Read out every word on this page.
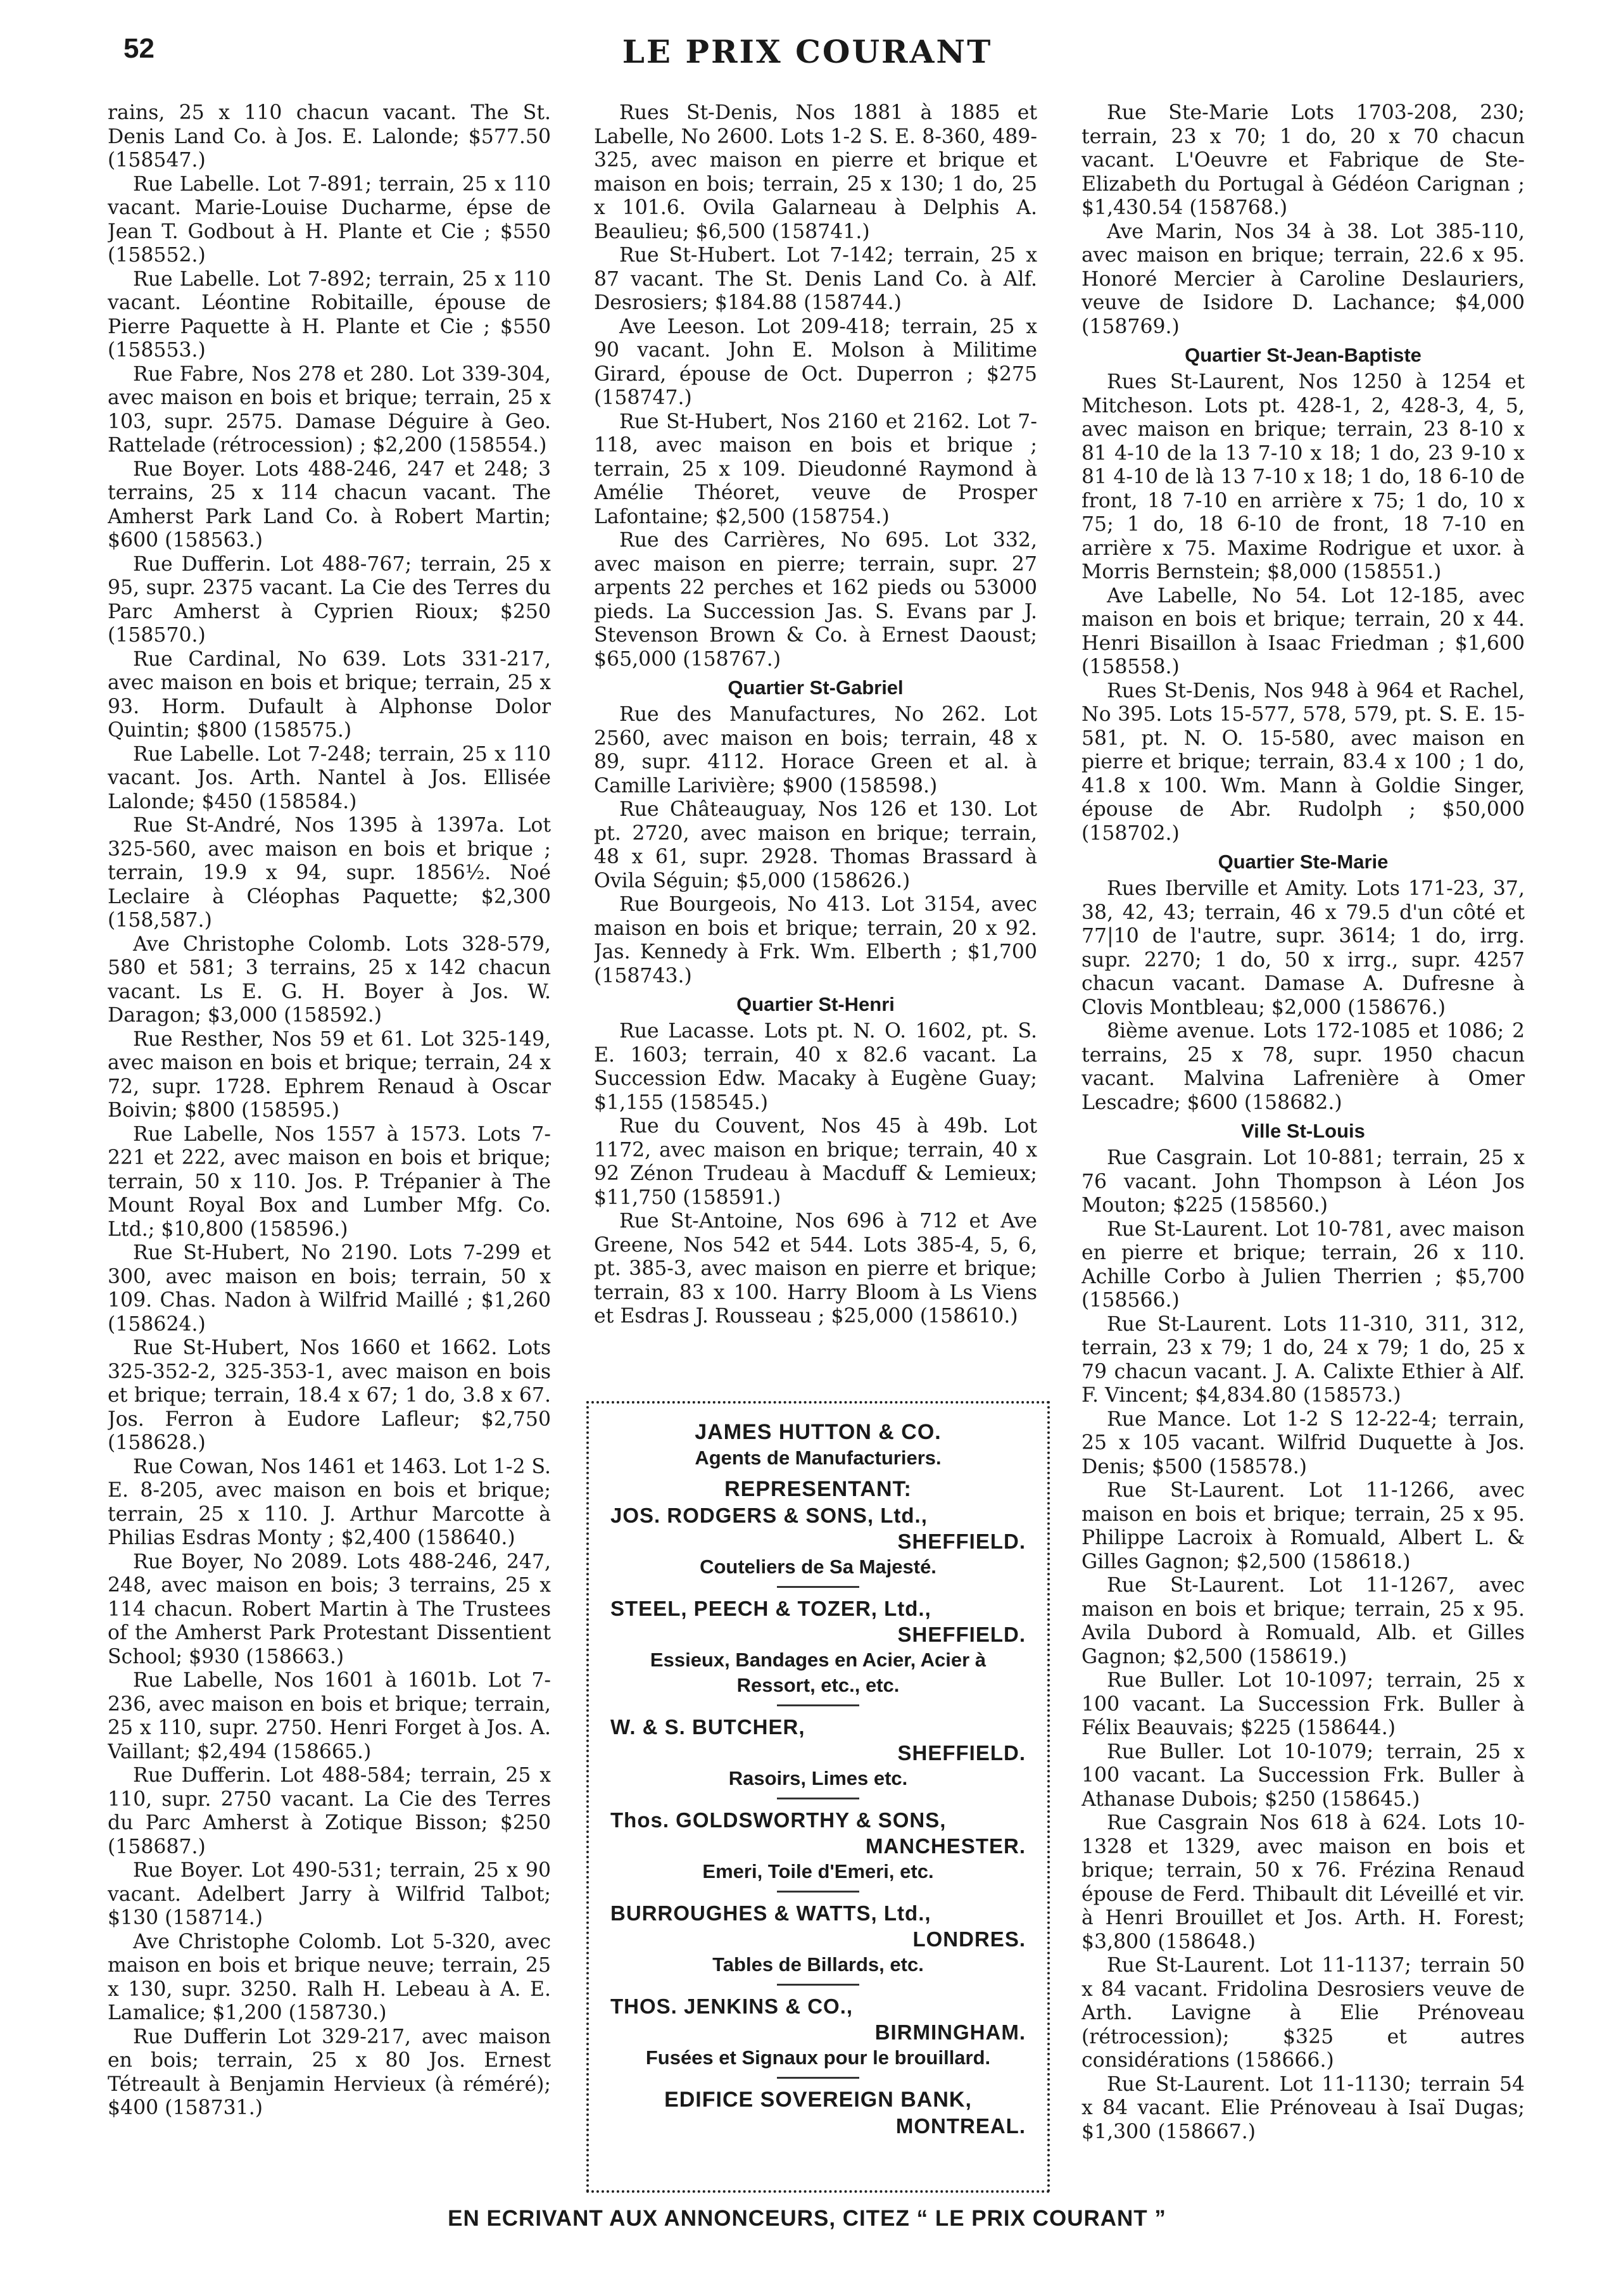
52	LE PRIX COURANT

rains, 25 x 110 chacun vacant. The St. Denis Land Co. à Jos. E. Lalonde; $577.50 (158547.)

Rue Labelle. Lot 7-891; terrain, 25 x 110 vacant. Marie-Louise Ducharme, épse de Jean T. Godbout à H. Plante et Cie ; $550 (158552.)

Rue Labelle. Lot 7-892; terrain, 25 x 110 vacant. Léontine Robitaille, épouse de Pierre Paquette à H. Plante et Cie ; $550 (158553.)

Rue Fabre, Nos 278 et 280. Lot 339-304, avec maison en bois et brique; terrain, 25 x 103, supr. 2575. Damase Déguire à Geo. Rattelade (rétrocession) ; $2,200 (158554.)

Rue Boyer. Lots 488-246, 247 et 248; 3 terrains, 25 x 114 chacun vacant. The Amherst Park Land Co. à Robert Martin; $600 (158563.)

Rue Dufferin. Lot 488-767; terrain, 25 x 95, supr. 2375 vacant. La Cie des Terres du Parc Amherst à Cyprien Rioux; $250 (158570.)

Rue Cardinal, No 639. Lots 331-217, avec maison en bois et brique; terrain, 25 x 93. Horm. Dufault à Alphonse Dolor Quintin; $800 (158575.)

Rue Labelle. Lot 7-248; terrain, 25 x 110 vacant. Jos. Arth. Nantel à Jos. Ellisée Lalonde; $450 (158584.)

Rue St-André, Nos 1395 à 1397a. Lot 325-560, avec maison en bois et brique ; terrain, 19.9 x 94, supr. 1856½. Noé Leclaire à Cléophas Paquette; $2,300 (158,587.)

Ave Christophe Colomb. Lots 328-579, 580 et 581; 3 terrains, 25 x 142 chacun vacant. Ls E. G. H. Boyer à Jos. W. Daragon; $3,000 (158592.)

Rue Resther, Nos 59 et 61. Lot 325-149, avec maison en bois et brique; terrain, 24 x 72, supr. 1728. Ephrem Renaud à Oscar Boivin; $800 (158595.)

Rue Labelle, Nos 1557 à 1573. Lots 7-221 et 222, avec maison en bois et brique; terrain, 50 x 110. Jos. P. Trépanier à The Mount Royal Box and Lumber Mfg. Co. Ltd.; $10,800 (158596.)

Rue St-Hubert, No 2190. Lots 7-299 et 300, avec maison en bois; terrain, 50 x 109. Chas. Nadon à Wilfrid Maillé ; $1,260 (158624.)

Rue St-Hubert, Nos 1660 et 1662. Lots 325-352-2, 325-353-1, avec maison en bois et brique; terrain, 18.4 x 67; 1 do, 3.8 x 67. Jos. Ferron à Eudore Lafleur; $2,750 (158628.)

Rue Cowan, Nos 1461 et 1463. Lot 1-2 S. E. 8-205, avec maison en bois et brique; terrain, 25 x 110. J. Arthur Marcotte à Philias Esdras Monty ; $2,400 (158640.)

Rue Boyer, No 2089. Lots 488-246, 247, 248, avec maison en bois; 3 terrains, 25 x 114 chacun. Robert Martin à The Trustees of the Amherst Park Protestant Dissentient School; $930 (158663.)

Rue Labelle, Nos 1601 à 1601b. Lot 7-236, avec maison en bois et brique; terrain, 25 x 110, supr. 2750. Henri Forget à Jos. A. Vaillant; $2,494 (158665.)

Rue Dufferin. Lot 488-584; terrain, 25 x 110, supr. 2750 vacant. La Cie des Terres du Parc Amherst à Zotique Bisson; $250 (158687.)

Rue Boyer. Lot 490-531; terrain, 25 x 90 vacant. Adelbert Jarry à Wilfrid Talbot; $130 (158714.)

Ave Christophe Colomb. Lot 5-320, avec maison en bois et brique neuve; terrain, 25 x 130, supr. 3250. Ralh H. Lebeau à A. E. Lamalice; $1,200 (158730.)

Rue Dufferin Lot 329-217, avec maison en bois; terrain, 25 x 80 Jos. Ernest Tétreault à Benjamin Hervieux (à réméré); $400 (158731.)

Rues St-Denis, Nos 1881 à 1885 et Labelle, No 2600. Lots 1-2 S. E. 8-360, 489-325, avec maison en pierre et brique et maison en bois; terrain, 25 x 130; 1 do, 25 x 101.6. Ovila Galarneau à Delphis A. Beaulieu; $6,500 (158741.)

Rue St-Hubert. Lot 7-142; terrain, 25 x 87 vacant. The St. Denis Land Co. à Alf. Desrosiers; $184.88 (158744.)

Ave Leeson. Lot 209-418; terrain, 25 x 90 vacant. John E. Molson à Militime Girard, épouse de Oct. Duperron ; $275 (158747.)

Rue St-Hubert, Nos 2160 et 2162. Lot 7-118, avec maison en bois et brique ; terrain, 25 x 109. Dieudonné Raymond à Amélie Théoret, veuve de Prosper Lafontaine; $2,500 (158754.)

Rue des Carrières, No 695. Lot 332, avec maison en pierre; terrain, supr. 27 arpents 22 perches et 162 pieds ou 53000 pieds. La Succession Jas. S. Evans par J. Stevenson Brown & Co. à Ernest Daoust; $65,000 (158767.)

Quartier St-Gabriel

Rue des Manufactures, No 262. Lot 2560, avec maison en bois; terrain, 48 x 89, supr. 4112. Horace Green et al. à Camille Larivière; $900 (158598.)

Rue Châteauguay, Nos 126 et 130. Lot pt. 2720, avec maison en brique; terrain, 48 x 61, supr. 2928. Thomas Brassard à Ovila Séguin; $5,000 (158626.)

Rue Bourgeois, No 413. Lot 3154, avec maison en bois et brique; terrain, 20 x 92. Jas. Kennedy à Frk. Wm. Elberth ; $1,700 (158743.)

Quartier St-Henri

Rue Lacasse. Lots pt. N. O. 1602, pt. S. E. 1603; terrain, 40 x 82.6 vacant. La Succession Edw. Macaky à Eugène Guay; $1,155 (158545.)

Rue du Couvent, Nos 45 à 49b. Lot 1172, avec maison en brique; terrain, 40 x 92 Zénon Trudeau à Macduff & Lemieux; $11,750 (158591.)

Rue St-Antoine, Nos 696 à 712 et Ave Greene, Nos 542 et 544. Lots 385-4, 5, 6, pt. 385-3, avec maison en pierre et brique; terrain, 83 x 100. Harry Bloom à Ls Viens et Esdras J. Rousseau ; $25,000 (158610.)

Rue Ste-Marie Lots 1703-208, 230; terrain, 23 x 70; 1 do, 20 x 70 chacun vacant. L'Oeuvre et Fabrique de Ste-Elizabeth du Portugal à Gédéon Carignan ; $1,430.54 (158768.)

Ave Marin, Nos 34 à 38. Lot 385-110, avec maison en brique; terrain, 22.6 x 95. Honoré Mercier à Caroline Deslauriers, veuve de Isidore D. Lachance; $4,000 (158769.)

Quartier St-Jean-Baptiste

Rues St-Laurent, Nos 1250 à 1254 et Mitcheson. Lots pt. 428-1, 2, 428-3, 4, 5, avec maison en brique; terrain, 23 8-10 x 81 4-10 de la 13 7-10 x 18; 1 do, 23 9-10 x 81 4-10 de là 13 7-10 x 18; 1 do, 18 6-10 de front, 18 7-10 en arrière x 75; 1 do, 10 x 75; 1 do, 18 6-10 de front, 18 7-10 en arrière x 75. Maxime Rodrigue et uxor. à Morris Bernstein; $8,000 (158551.)

Ave Labelle, No 54. Lot 12-185, avec maison en bois et brique; terrain, 20 x 44. Henri Bisaillon à Isaac Friedman ; $1,600 (158558.)

Rues St-Denis, Nos 948 à 964 et Rachel, No 395. Lots 15-577, 578, 579, pt. S. E. 15-581, pt. N. O. 15-580, avec maison en pierre et brique; terrain, 83.4 x 100 ; 1 do, 41.8 x 100. Wm. Mann à Goldie Singer, épouse de Abr. Rudolph ; $50,000 (158702.)

Quartier Ste-Marie

Rues Iberville et Amity. Lots 171-23, 37, 38, 42, 43; terrain, 46 x 79.5 d'un côté et 77|10 de l'autre, supr. 3614; 1 do, irrg. supr. 2270; 1 do, 50 x irrg., supr. 4257 chacun vacant. Damase A. Dufresne à Clovis Montbleau; $2,000 (158676.)

8ième avenue. Lots 172-1085 et 1086; 2 terrains, 25 x 78, supr. 1950 chacun vacant. Malvina Lafrenière à Omer Lescadre; $600 (158682.)

Ville St-Louis

Rue Casgrain. Lot 10-881; terrain, 25 x 76 vacant. John Thompson à Léon Jos Mouton; $225 (158560.)

Rue St-Laurent. Lot 10-781, avec maison en pierre et brique; terrain, 26 x 110. Achille Corbo à Julien Therrien ; $5,700 (158566.)

Rue St-Laurent. Lots 11-310, 311, 312, terrain, 23 x 79; 1 do, 24 x 79; 1 do, 25 x 79 chacun vacant. J. A. Calixte Ethier à Alf. F. Vincent; $4,834.80 (158573.)

Rue Mance. Lot 1-2 S 12-22-4; terrain, 25 x 105 vacant. Wilfrid Duquette à Jos. Denis; $500 (158578.)

Rue St-Laurent. Lot 11-1266, avec maison en bois et brique; terrain, 25 x 95. Philippe Lacroix à Romuald, Albert L. & Gilles Gagnon; $2,500 (158618.)

Rue St-Laurent. Lot 11-1267, avec maison en bois et brique; terrain, 25 x 95. Avila Dubord à Romuald, Alb. et Gilles Gagnon; $2,500 (158619.)

Rue Buller. Lot 10-1097; terrain, 25 x 100 vacant. La Succession Frk. Buller à Félix Beauvais; $225 (158644.)

Rue Buller. Lot 10-1079; terrain, 25 x 100 vacant. La Succession Frk. Buller à Athanase Dubois; $250 (158645.)

Rue Casgrain Nos 618 à 624. Lots 10-1328 et 1329, avec maison en bois et brique; terrain, 50 x 76. Frézina Renaud épouse de Ferd. Thibault dit Léveillé et vir. à Henri Brouillet et Jos. Arth. H. Forest; $3,800 (158648.)

Rue St-Laurent. Lot 11-1137; terrain 50 x 84 vacant. Fridolina Desrosiers veuve de Arth. Lavigne à Elie Prénoveau (rétrocession); $325 et autres considérations (158666.)

Rue St-Laurent. Lot 11-1130; terrain 54 x 84 vacant. Elie Prénoveau à Isaï Dugas; $1,300 (158667.)

JAMES HUTTON & CO.

Agents de Manufacturiers.

REPRESENTANT:

JOS. RODGERS & SONS, Ltd.,

SHEFFIELD.

Couteliers de Sa Majesté.

STEEL, PEECH & TOZER, Ltd.,

SHEFFIELD.

Essieux, Bandages en Acier, Acier à Ressort, etc., etc.

W. & S. BUTCHER,

SHEFFIELD.

Rasoirs, Limes etc.

Thos. GOLDSWORTHY & SONS,

MANCHESTER.

Emeri, Toile d'Emeri, etc.

BURROUGHES & WATTS, Ltd.,

LONDRES.

Tables de Billards, etc.

THOS. JENKINS & CO.,

BIRMINGHAM.

Fusées et Signaux pour le brouillard.

EDIFICE SOVEREIGN BANK,

MONTREAL.

EN ECRIVANT AUX ANNONCEURS, CITEZ “ LE PRIX COURANT ”
